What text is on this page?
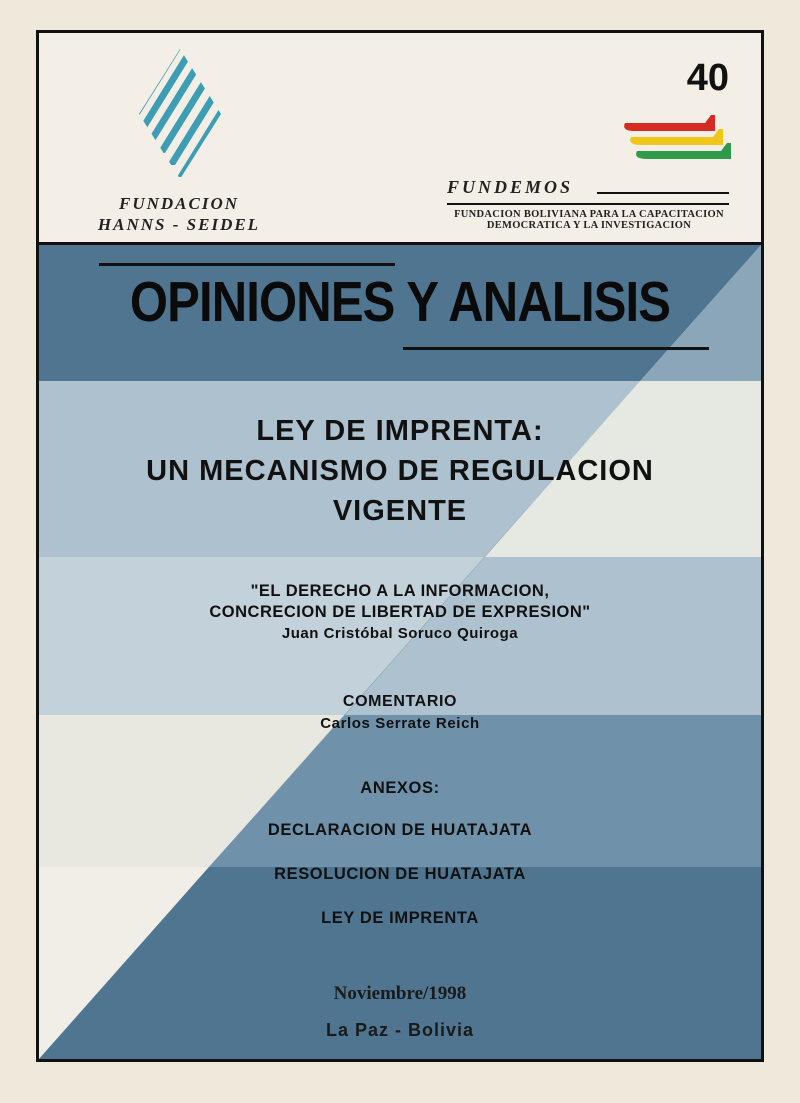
FUNDACION
HANNS - SEIDEL
40
FUNDEMOS
FUNDACION BOLIVIANA PARA LA CAPACITACION
DEMOCRATICA Y LA INVESTIGACION
OPINIONES Y ANALISIS
LEY DE IMPRENTA:
UN MECANISMO DE REGULACION
VIGENTE
"EL DERECHO A LA INFORMACION,
CONCRECION DE LIBERTAD DE EXPRESION"
Juan Cristóbal Soruco Quiroga
COMENTARIO
Carlos Serrate Reich
ANEXOS:
DECLARACION DE HUATAJATA
RESOLUCION DE HUATAJATA
LEY DE IMPRENTA
Noviembre/1998
La Paz - Bolivia
